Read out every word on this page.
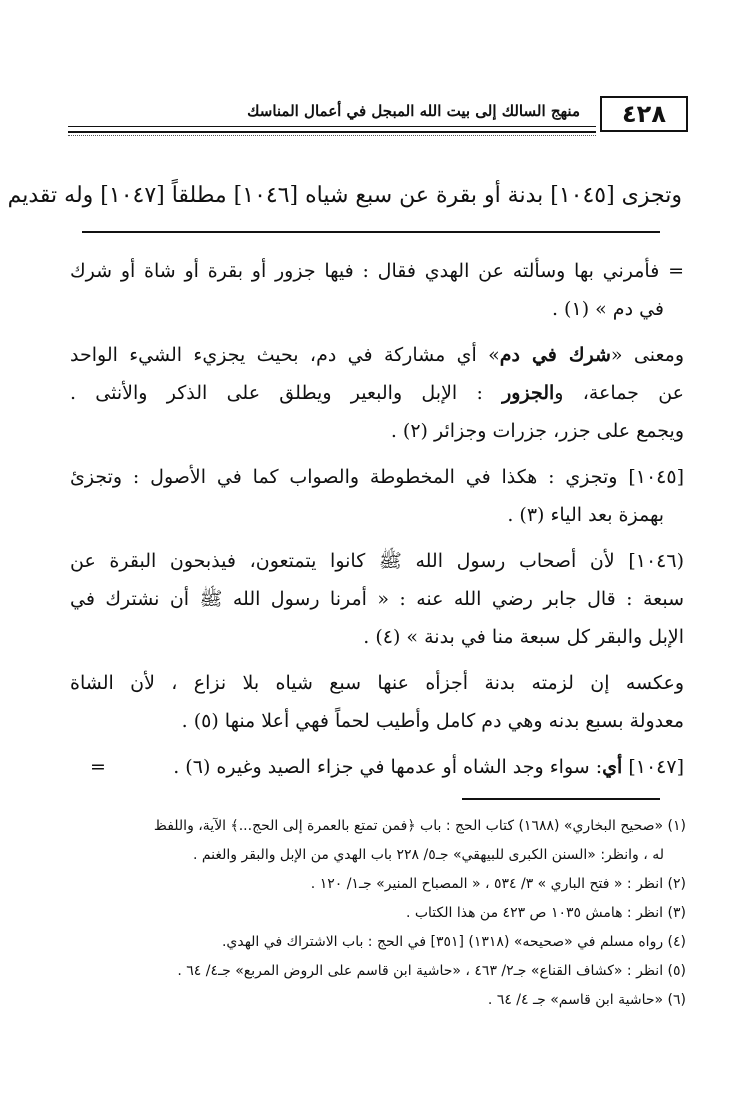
منهج السالك إلى بيت الله المبجل في أعمال المناسك	٤٢٨
وتجزى [١٠٤٥] بدنة أو بقرة عن سبع شياه [١٠٤٦] مطلقاً [١٠٤٧] وله تقديم
= فأمرني بها وسألته عن الهدي فقال : فيها جزور أو بقرة أو شاة أو شرك
في دم » (١) .
ومعنى «شرك في دم» أي مشاركة في دم، بحيث يجزيء الشيء الواحد
عن جماعة، والجزور : الإبل والبعير ويطلق على الذكر والأنثى .
ويجمع على جزر، جزرات وجزائر (٢) .
[١٠٤٥] وتجزي : هكذا في المخطوطة والصواب كما في الأصول : وتجزئ
بهمزة بعد الياء (٣) .
(١٠٤٦] لأن أصحاب رسول الله ﷺ كانوا يتمتعون، فيذبحون البقرة عن
سبعة : قال جابر رضي الله عنه : « أمرنا رسول الله ﷺ أن نشترك في
الإبل والبقر كل سبعة منا في بدنة » (٤) .
وعكسه إن لزمته بدنة أجزأه عنها سبع شياه بلا نزاع ، لأن الشاة
معدولة بسبع بدنه وهي دم كامل وأطيب لحماً فهي أعلا منها (٥) .
[١٠٤٧] أي: سواء وجد الشاه أو عدمها في جزاء الصيد وغيره (٦) .
=
(١) «صحيح البخاري» (١٦٨٨) كتاب الحج : باب ﴿فمن تمتع بالعمرة إلى الحج...﴾ الآية، واللفظ
له ، وانظر: «السنن الكبرى للبيهقي» جـ٥/ ٢٢٨ باب الهدي من الإبل والبقر والغنم .
(٢) انظر : « فتح الباري » ٣/ ٥٣٤ ، « المصباح المنير» جـ١/ ١٢٠ .
(٣) انظر : هامش ١٠٣٥ ص ٤٢٣ من هذا الكتاب .
(٤) رواه مسلم في «صحيحه» (١٣١٨) [٣٥١] في الحج : باب الاشتراك في الهدي.
(٥) انظر : «كشاف القناع» جـ٢/ ٤٦٣ ، «حاشية ابن قاسم على الروض المربع» جـ٤/ ٦٤ .
(٦) «حاشية ابن قاسم» جـ ٤/ ٦٤ .
